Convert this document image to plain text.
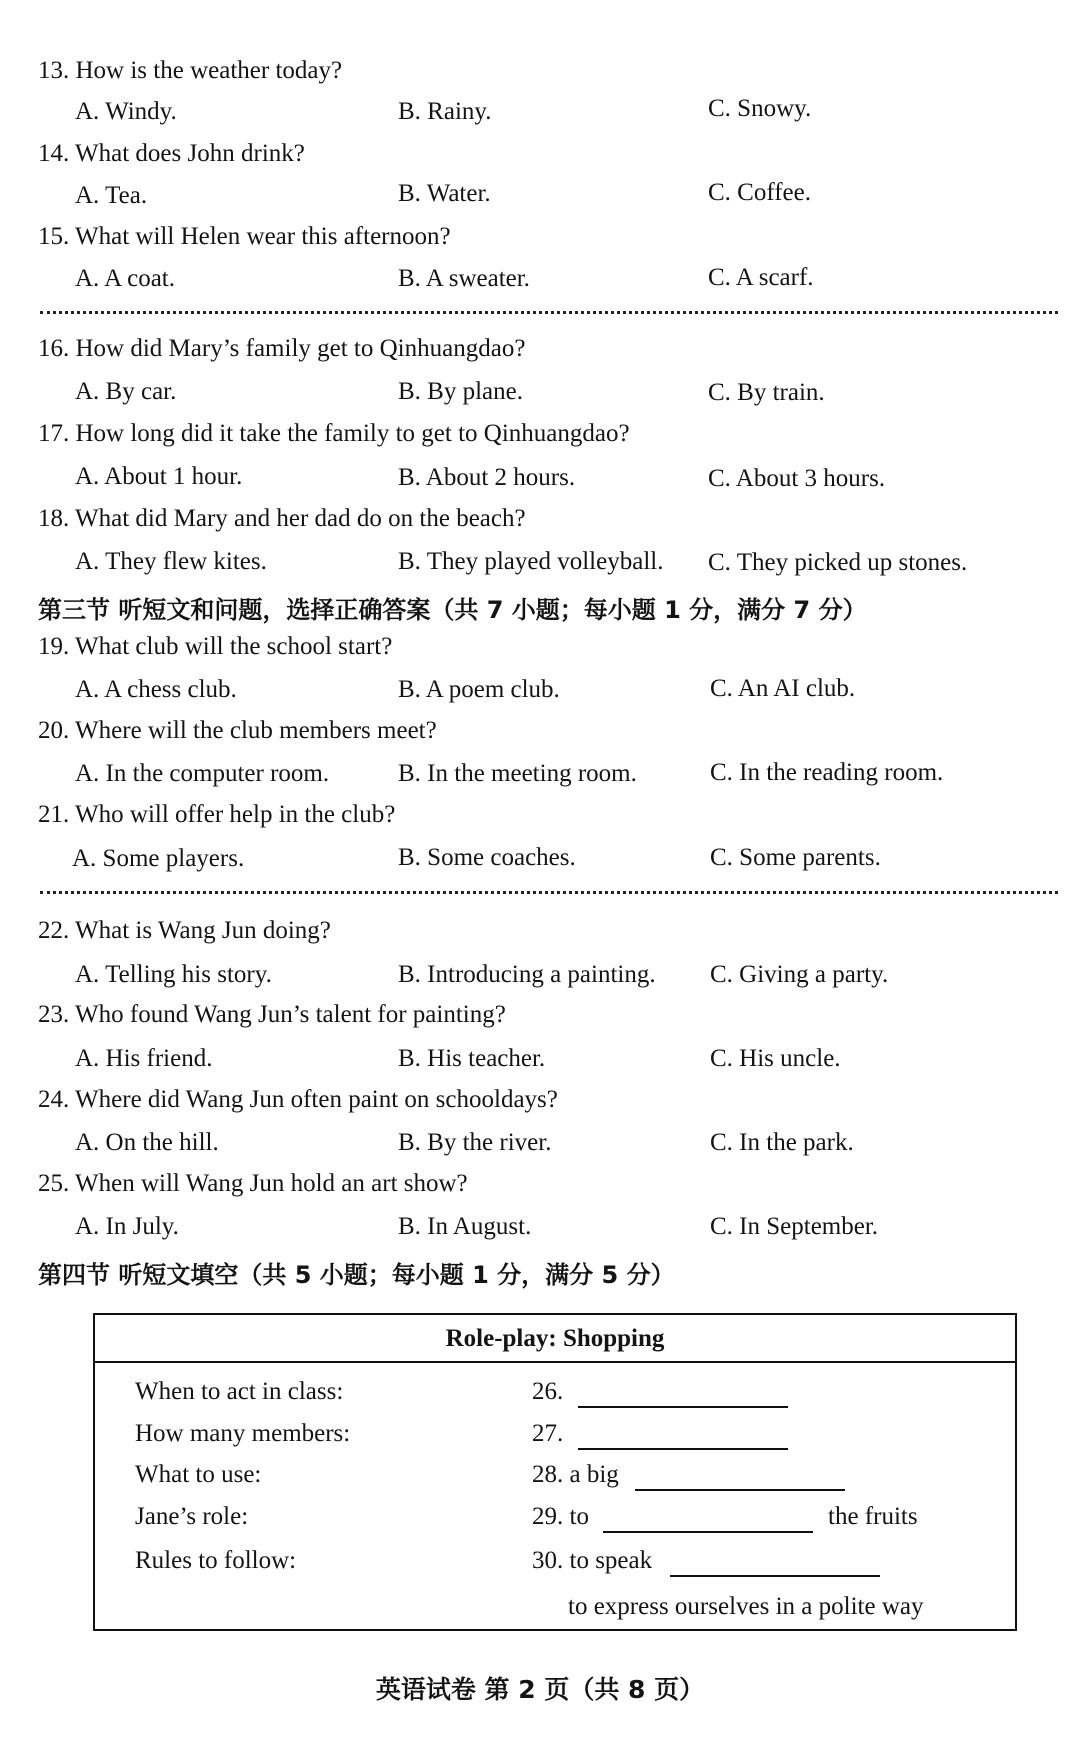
13. How is the weather today?
A. Windy.	B. Rainy.	C. Snowy.
14. What does John drink?
A. Tea.	B. Water.	C. Coffee.
15. What will Helen wear this afternoon?
A. A coat.	B. A sweater.	C. A scarf.
16. How did Mary’s family get to Qinhuangdao?
A. By car.	B. By plane.	C. By train.
17. How long did it take the family to get to Qinhuangdao?
A. About 1 hour.	B. About 2 hours.	C. About 3 hours.
18. What did Mary and her dad do on the beach?
A. They flew kites.	B. They played volleyball. C. They picked up stones.
第三节 听短文和问题，选择正确答案（共 7 小题；每小题 1 分，满分 7 分）
19. What club will the school start?
A. A chess club.	B. A poem club.	C. An AI club.
20. Where will the club members meet?
A. In the computer room.	B. In the meeting room.	C. In the reading room.
21. Who will offer help in the club?
A. Some players.	B. Some coaches.	C. Some parents.
22. What is Wang Jun doing?
A. Telling his story.	B. Introducing a painting. C. Giving a party.
23. Who found Wang Jun’s talent for painting?
A. His friend.	B. His teacher.	C. His uncle.
24. Where did Wang Jun often paint on schooldays?
A. On the hill.	B. By the river.	C. In the park.
25. When will Wang Jun hold an art show?
A. In July.	B. In August.	C. In September.
第四节 听短文填空（共 5 小题；每小题 1 分，满分 5 分）
Role-play: Shopping
When to act in class:	26.
How many members:	27.
What to use:	28. a big
Jane’s role:	29. to	the fruits
Rules to follow:	30. to speak
to express ourselves in a polite way
英语试卷 第 2 页（共 8 页）
